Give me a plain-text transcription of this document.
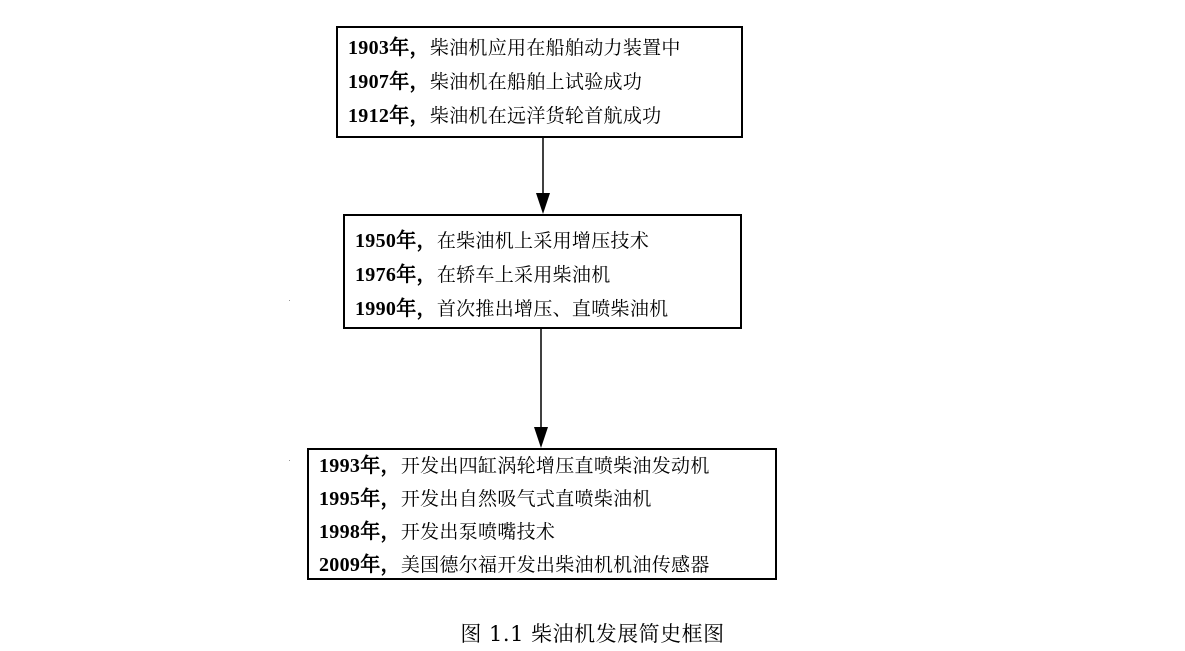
1903年，柴油机应用在船舶动力装置中
1907年，柴油机在船舶上试验成功
1912年，柴油机在远洋货轮首航成功
1950年，在柴油机上采用增压技术
1976年，在轿车上采用柴油机
1990年，首次推出增压、直喷柴油机
1993年，开发出四缸涡轮增压直喷柴油发动机
1995年，开发出自然吸气式直喷柴油机
1998年，开发出泵喷嘴技术
2009年，美国德尔福开发出柴油机机油传感器
图 1.1 柴油机发展简史框图
